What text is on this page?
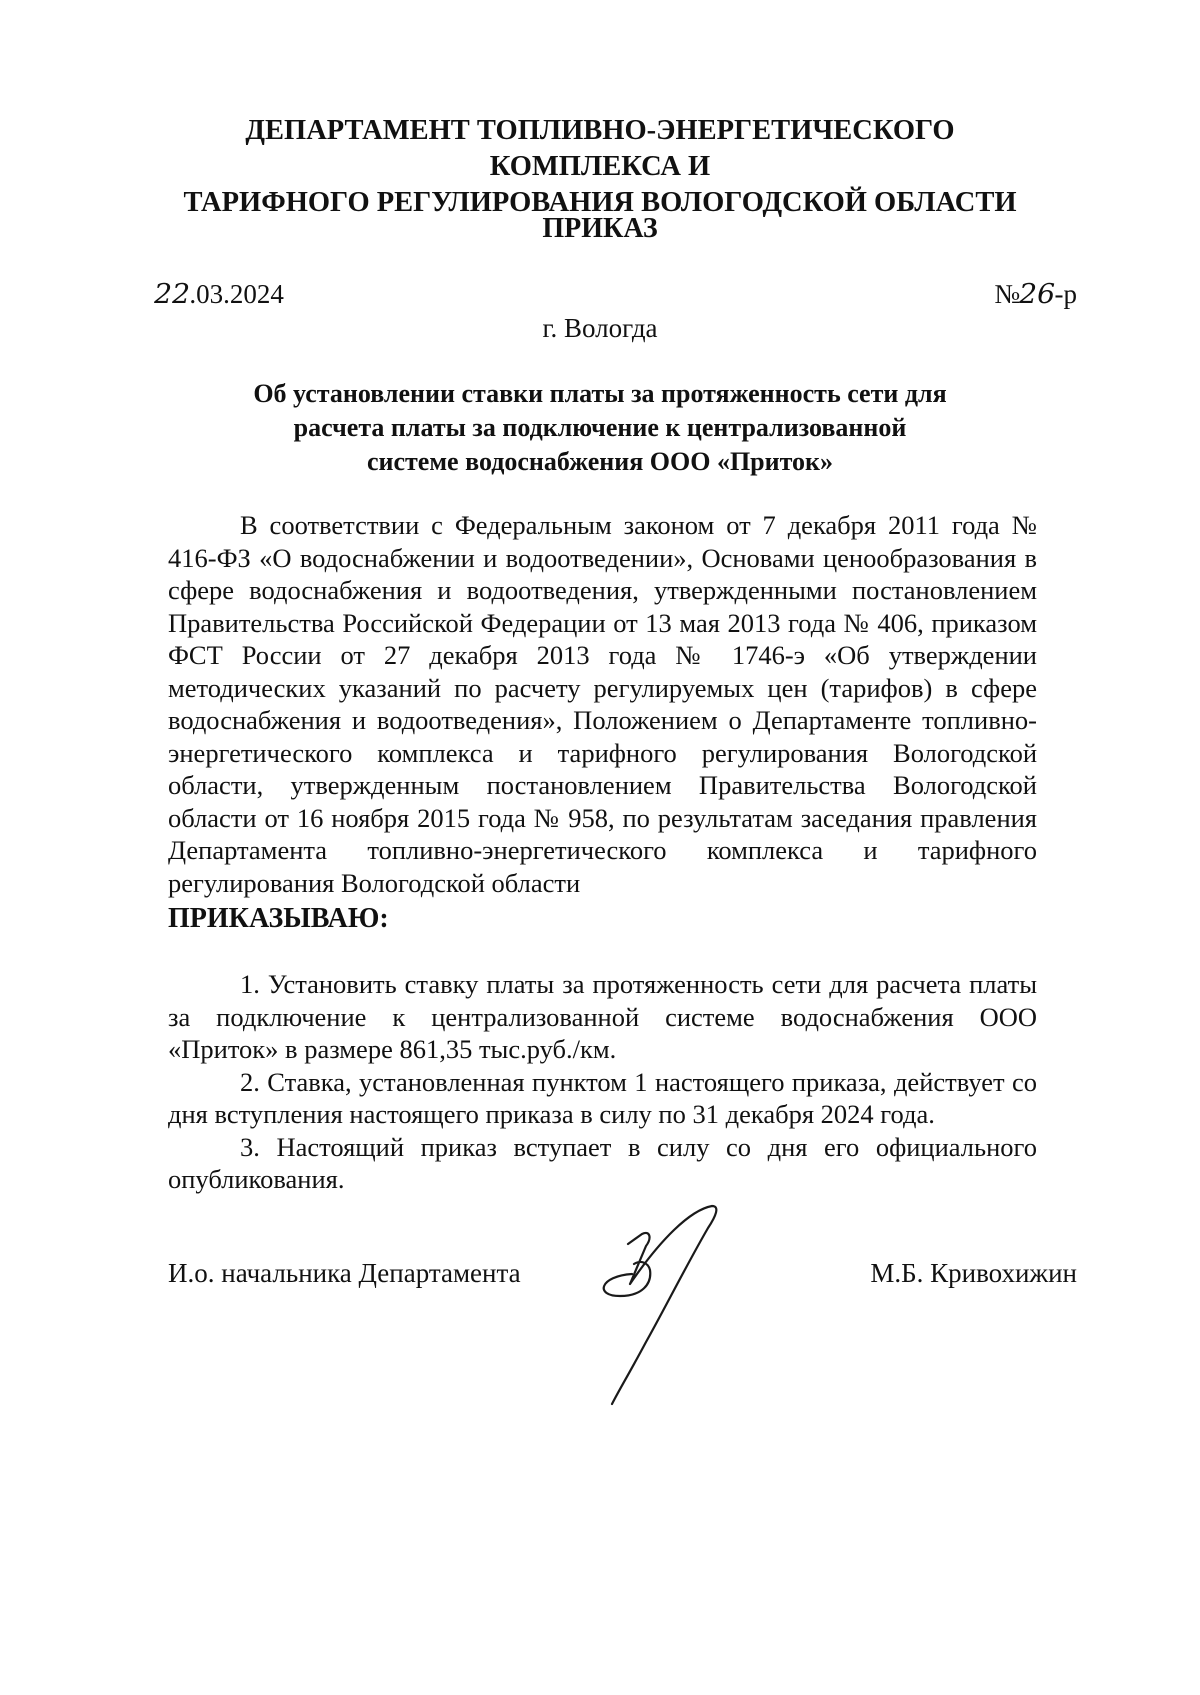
ДЕПАРТАМЕНТ ТОПЛИВНО-ЭНЕРГЕТИЧЕСКОГО КОМПЛЕКСА И
ТАРИФНОГО РЕГУЛИРОВАНИЯ ВОЛОГОДСКОЙ ОБЛАСТИ
ПРИКАЗ
22.03.2024	№26-р
г. Вологда
Об установлении ставки платы за протяженность сети для
расчета платы за подключение к централизованной
системе водоснабжения ООО «Приток»

В соответствии с Федеральным законом от 7 декабря 2011 года № 416-ФЗ «О водоснабжении и водоотведении», Основами ценообразования в сфере водоснабжения и водоотведения, утвержденными постановлением Правительства Российской Федерации от 13 мая 2013 года № 406, приказом ФСТ России от 27 декабря 2013 года № 1746-э «Об утверждении методических указаний по расчету регулируемых цен (тарифов) в сфере водоснабжения и водоотведения», Положением о Департаменте топливно-энергетического комплекса и тарифного регулирования Вологодской области, утвержденным постановлением Правительства Вологодской области от 16 ноября 2015 года № 958, по результатам заседания правления Департамента топливно-энергетического комплекса и тарифного регулирования Вологодской области

ПРИКАЗЫВАЮ:

1. Установить ставку платы за протяженность сети для расчета платы за подключение к централизованной системе водоснабжения ООО «Приток» в размере 861,35 тыс.руб./км.

2. Ставка, установленная пунктом 1 настоящего приказа, действует со дня вступления настоящего приказа в силу по 31 декабря 2024 года.

3. Настоящий приказ вступает в силу со дня его официального опубликования.

И.о. начальника Департамента	М.Б. Кривохижин
